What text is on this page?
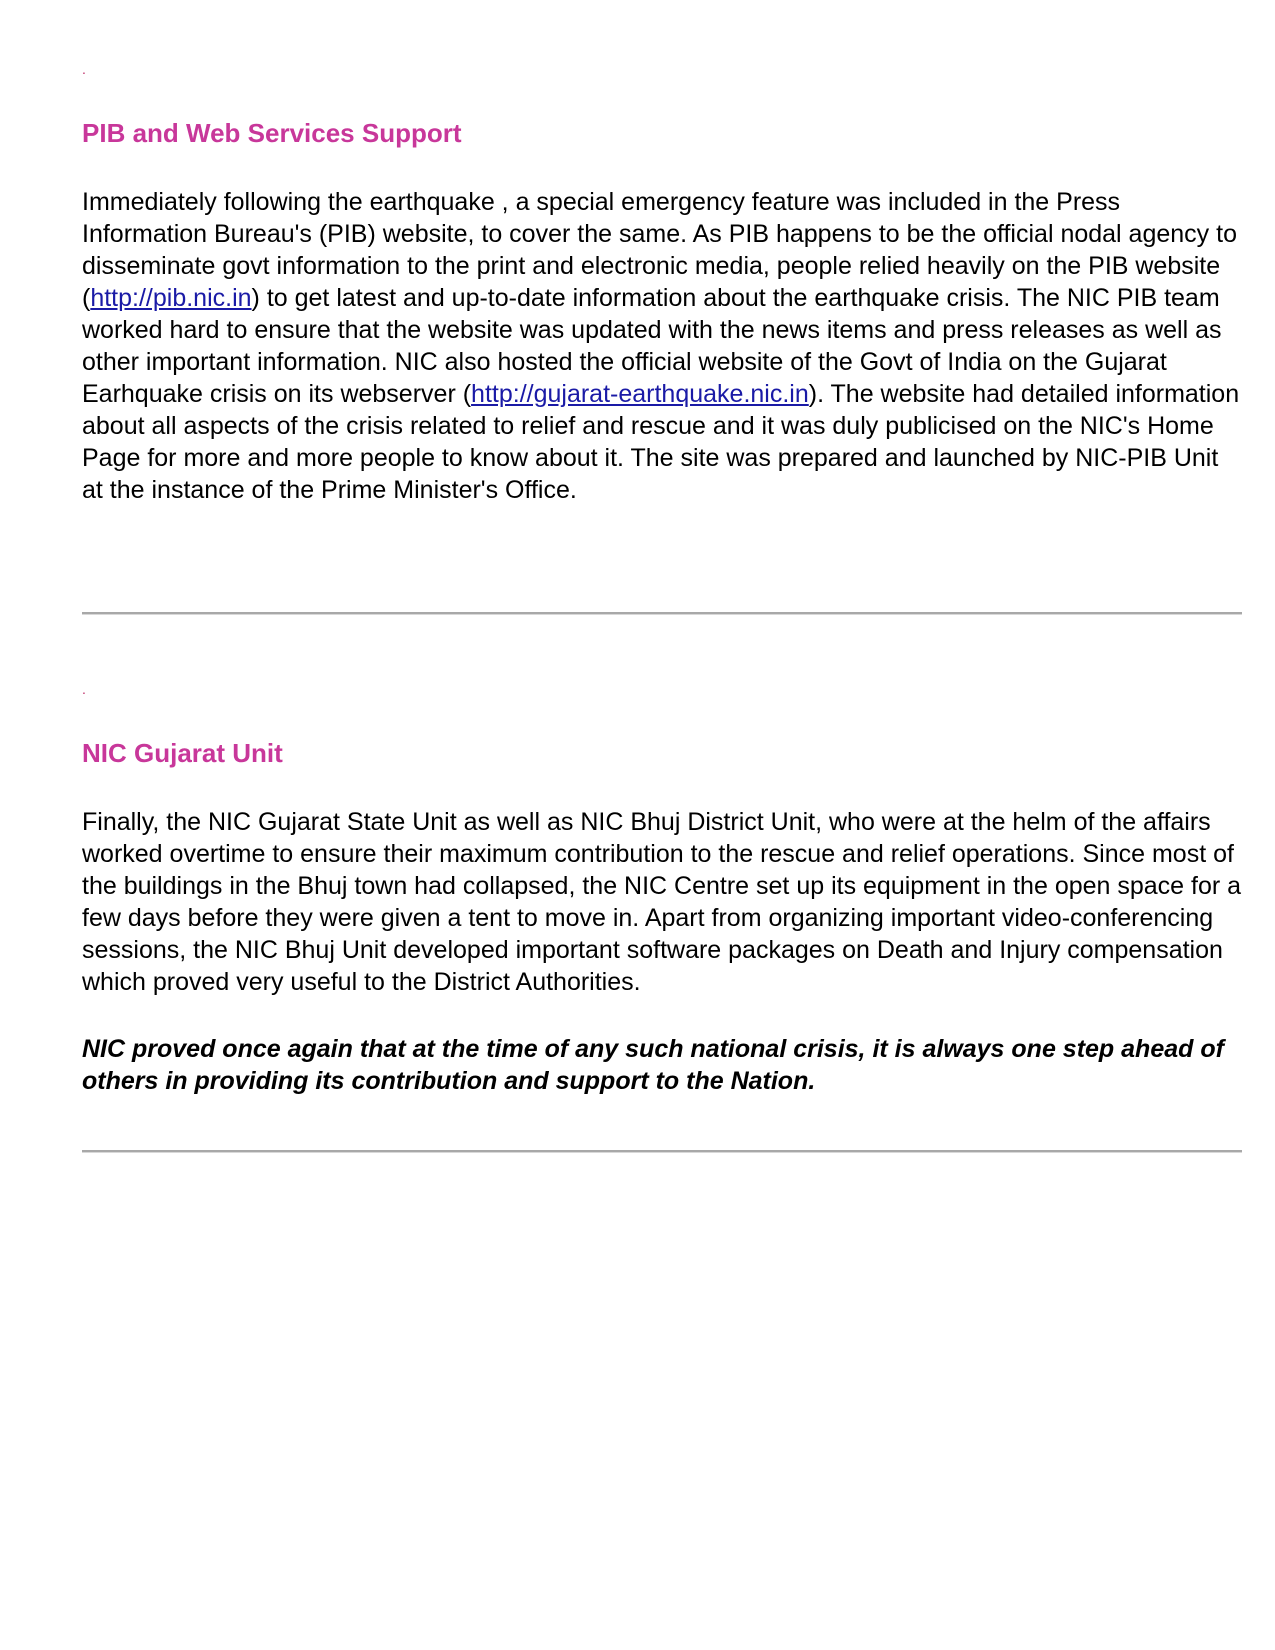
.
PIB and Web Services Support

Immediately following the earthquake , a special emergency feature was included in the Press Information Bureau's (PIB) website, to cover the same. As PIB happens to be the official nodal agency to disseminate govt information to the print and electronic media, people relied heavily on the PIB website (http://pib.nic.in) to get latest and up-to-date information about the earthquake crisis. The NIC PIB team worked hard to ensure that the website was updated with the news items and press releases as well as other important information. NIC also hosted the official website of the Govt of India on the Gujarat Earhquake crisis on its webserver (http://gujarat-earthquake.nic.in). The website had detailed information about all aspects of the crisis related to relief and rescue and it was duly publicised on the NIC's Home Page for more and more people to know about it. The site was prepared and launched by NIC-PIB Unit at the instance of the Prime Minister's Office.

.
NIC Gujarat Unit

Finally, the NIC Gujarat State Unit as well as NIC Bhuj District Unit, who were at the helm of the affairs worked overtime to ensure their maximum contribution to the rescue and relief operations. Since most of the buildings in the Bhuj town had collapsed, the NIC Centre set up its equipment in the open space for a few days before they were given a tent to move in. Apart from organizing important video-conferencing sessions, the NIC Bhuj Unit developed important software packages on Death and Injury compensation which proved very useful to the District Authorities.

NIC proved once again that at the time of any such national crisis, it is always one step ahead of others in providing its contribution and support to the Nation.
